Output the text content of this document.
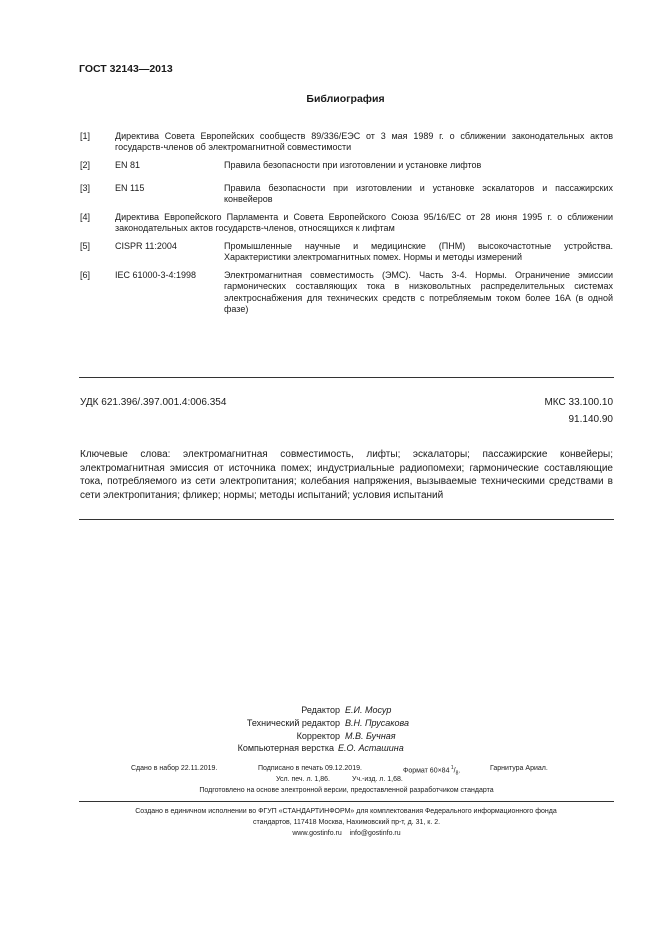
ГОСТ 32143—2013
Библиография
[1]	Директива Совета Европейских сообществ 89/336/ЕЭС от 3 мая 1989 г. о сближении законодательных актов государств-членов об электромагнитной совместимости
[2]	EN 81	Правила безопасности при изготовлении и установке лифтов
[3]	EN 115	Правила безопасности при изготовлении и установке эскалаторов и пассажирских конвейеров
[4]	Директива Европейского Парламента и Совета Европейского Союза 95/16/ЕС от 28 июня 1995 г. о сближении законодательных актов государств-членов, относящихся к лифтам
[5]	CISPR 11:2004	Промышленные научные и медицинские (ПНМ) высокочастотные устройства. Характеристики электромагнитных помех. Нормы и методы измерений
[6]	IEC 61000-3-4:1998	Электромагнитная совместимость (ЭМС). Часть 3-4. Нормы. Ограничение эмиссии гармонических составляющих тока в низковольтных распределительных системах электроснабжения для технических средств с потребляемым током более 16А (в одной фазе)
УДК 621.396/.397.001.4:006.354	МКС 33.100.10
91.140.90
Ключевые слова: электромагнитная совместимость, лифты; эскалаторы; пассажирские конвейеры; электромагнитная эмиссия от источника помех; индустриальные радиопомехи; гармонические составляющие тока, потребляемого из сети электропитания; колебания напряжения, вызываемые техническими средствами в сети электропитания; фликер; нормы; методы испытаний; условия испытаний
Редактор Е.И. Мосур
Технический редактор В.Н. Прусакова
Корректор М.В. Бучная
Компьютерная верстка Е.О. Асташина
Сдано в набор 22.11.2019.	Подписано в печать 09.12.2019.	Формат 60×84 $^1/_8$.	Гарнитура Ариал.
Усл. печ. л. 1,86.	Уч.-изд. л. 1,68.
Подготовлено на основе электронной версии, предоставленной разработчиком стандарта
Создано в единичном исполнении во ФГУП «СТАНДАРТИНФОРМ» для комплектования Федерального информационного фонда
стандартов, 117418 Москва, Нахимовский пр-т, д. 31, к. 2.
www.gostinfo.ru info@gostinfo.ru
